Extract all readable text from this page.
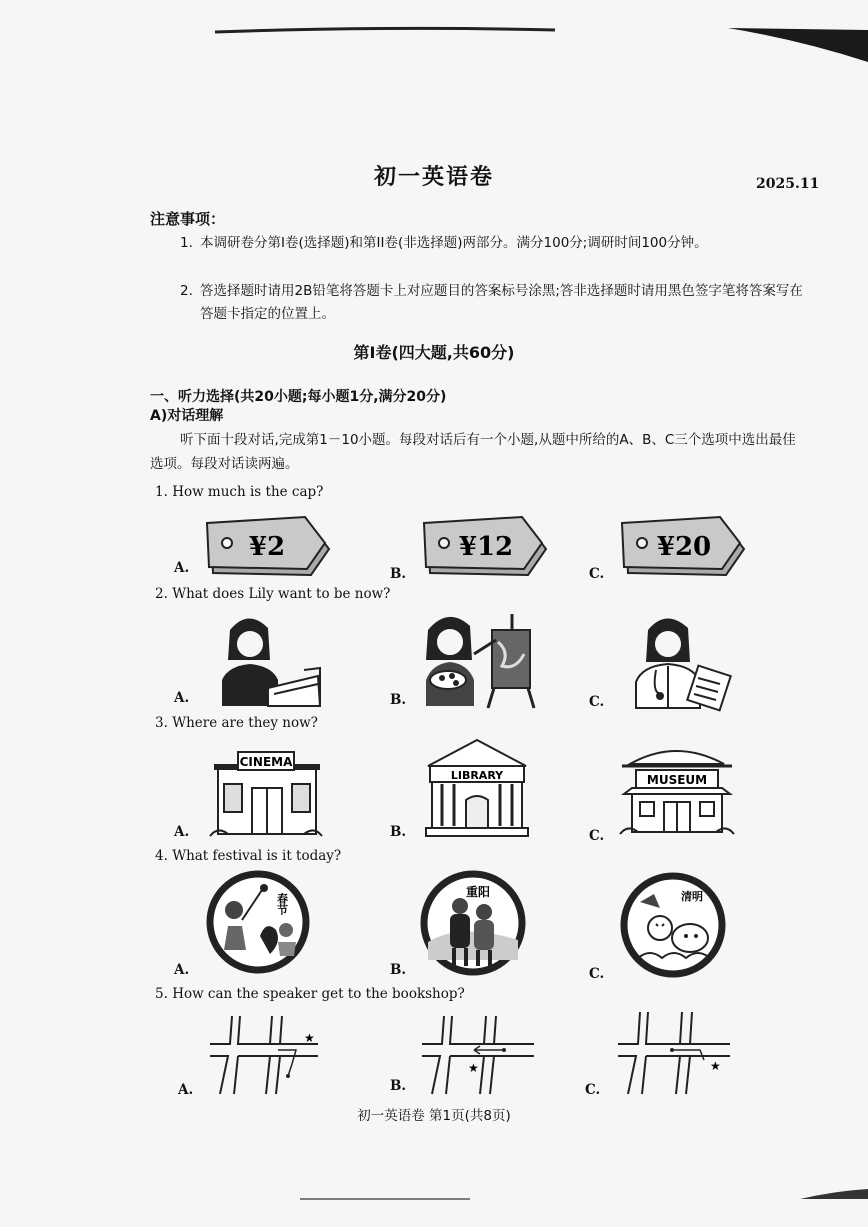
初一英语卷	2025.11
注意事项：
1. 本调研卷分第I卷(选择题)和第II卷(非选择题)两部分。满分100分;调研时间100分钟。
2. 答选择题时请用2B铅笔将答题卡上对应题目的答案标号涂黑;答非选择题时请用黑色签字笔将答案写在答题卡指定的位置上。
第I卷(四大题,共60分)
一、听力选择(共20小题;每小题1分,满分20分)
A)对话理解
听下面十段对话,完成第1－10小题。每段对话后有一个小题,从题中所给的A、B、C三个选项中选出最佳选项。每段对话读两遍。
1. How much is the cap?
A.	B.	C.
¥2	¥12	¥20
2. What does Lily want to be now?
A.	B.	C.
3. Where are they now?
A.	B.	C.
CINEMA
LIBRARY	MUSEUM
4. What festival is it today?
A.	B.	C.
春节
重阳	清明
5. How can the speaker get to the bookshop?
A.	B.	C.
★
★	★
初一英语卷 第1页(共8页)
